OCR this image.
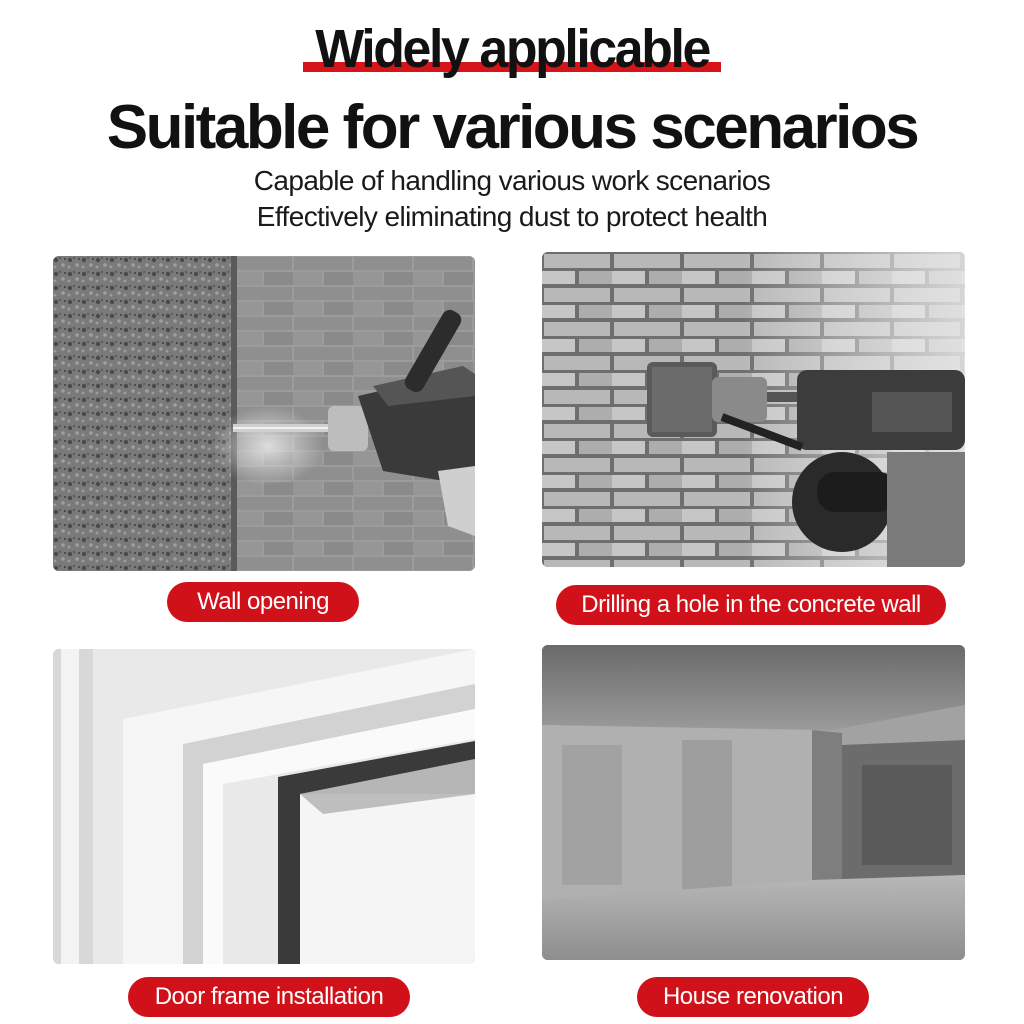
Widely applicable
Suitable for various scenarios
Capable of handling various work scenarios
Effectively eliminating dust to protect health
Wall opening	Drilling a hole in the concrete wall
Door frame installation	House renovation
